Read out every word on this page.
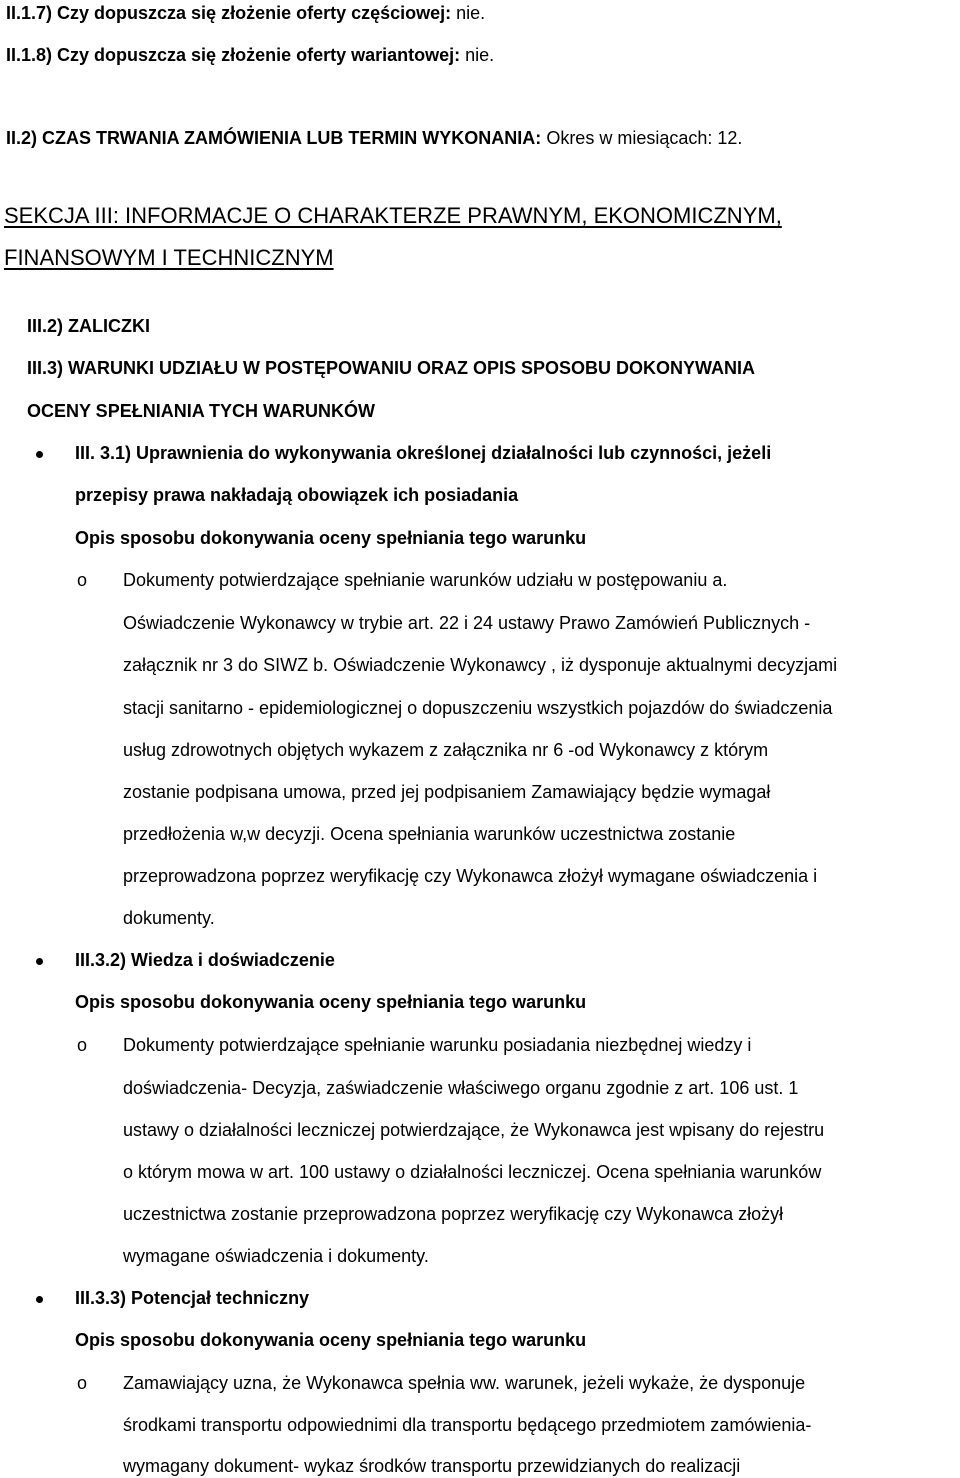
II.1.7) Czy dopuszcza się złożenie oferty częściowej: nie.
II.1.8) Czy dopuszcza się złożenie oferty wariantowej: nie.
II.2) CZAS TRWANIA ZAMÓWIENIA LUB TERMIN WYKONANIA: Okres w miesiącach: 12.
SEKCJA III: INFORMACJE O CHARAKTERZE PRAWNYM, EKONOMICZNYM,
FINANSOWYM I TECHNICZNYM
III.2) ZALICZKI
III.3) WARUNKI UDZIAŁU W POSTĘPOWANIU ORAZ OPIS SPOSOBU DOKONYWANIA
OCENY SPEŁNIANIA TYCH WARUNKÓW
III. 3.1) Uprawnienia do wykonywania określonej działalności lub czynności, jeżeli
przepisy prawa nakładają obowiązek ich posiadania
Opis sposobu dokonywania oceny spełniania tego warunku
o Dokumenty potwierdzające spełnianie warunków udziału w postępowaniu a.
Oświadczenie Wykonawcy w trybie art. 22 i 24 ustawy Prawo Zamówień Publicznych -
załącznik nr 3 do SIWZ b. Oświadczenie Wykonawcy , iż dysponuje aktualnymi decyzjami
stacji sanitarno - epidemiologicznej o dopuszczeniu wszystkich pojazdów do świadczenia
usług zdrowotnych objętych wykazem z załącznika nr 6 -od Wykonawcy z którym
zostanie podpisana umowa, przed jej podpisaniem Zamawiający będzie wymagał
przedłożenia w,w decyzji. Ocena spełniania warunków uczestnictwa zostanie
przeprowadzona poprzez weryfikację czy Wykonawca złożył wymagane oświadczenia i
dokumenty.
III.3.2) Wiedza i doświadczenie
Opis sposobu dokonywania oceny spełniania tego warunku
o Dokumenty potwierdzające spełnianie warunku posiadania niezbędnej wiedzy i
doświadczenia- Decyzja, zaświadczenie właściwego organu zgodnie z art. 106 ust. 1
ustawy o działalności leczniczej potwierdzające, że Wykonawca jest wpisany do rejestru
o którym mowa w art. 100 ustawy o działalności leczniczej. Ocena spełniania warunków
uczestnictwa zostanie przeprowadzona poprzez weryfikację czy Wykonawca złożył
wymagane oświadczenia i dokumenty.
III.3.3) Potencjał techniczny
Opis sposobu dokonywania oceny spełniania tego warunku
o Zamawiający uzna, że Wykonawca spełnia ww. warunek, jeżeli wykaże, że dysponuje
środkami transportu odpowiednimi dla transportu będącego przedmiotem zamówienia-
wymagany dokument- wykaz środków transportu przewidzianych do realizacji
